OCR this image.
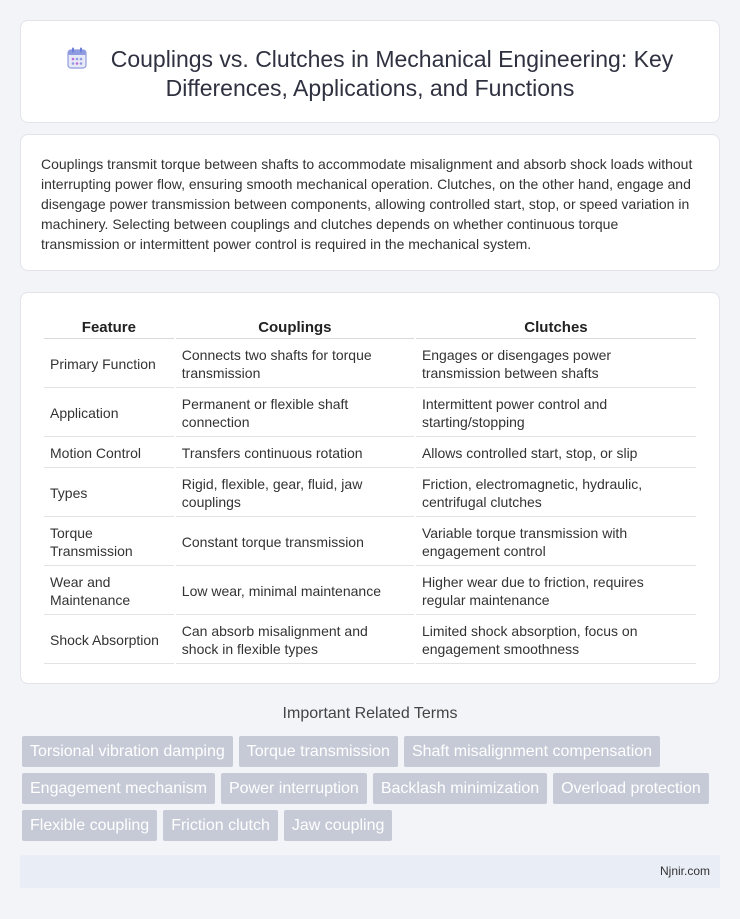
Couplings vs. Clutches in Mechanical Engineering: Key Differences, Applications, and Functions

Couplings transmit torque between shafts to accommodate misalignment and absorb shock loads without interrupting power flow, ensuring smooth mechanical operation. Clutches, on the other hand, engage and disengage power transmission between components, allowing controlled start, stop, or speed variation in machinery. Selecting between couplings and clutches depends on whether continuous torque transmission or intermittent power control is required in the mechanical system.

Feature	Couplings	Clutches
Primary Function	Connects two shafts for torque transmission	Engages or disengages power transmission between shafts
Application	Permanent or flexible shaft connection	Intermittent power control and starting/stopping
Motion Control	Transfers continuous rotation	Allows controlled start, stop, or slip
Types	Rigid, flexible, gear, fluid, jaw couplings	Friction, electromagnetic, hydraulic, centrifugal clutches
Torque Transmission	Constant torque transmission	Variable torque transmission with engagement control
Wear and Maintenance	Low wear, minimal maintenance	Higher wear due to friction, requires regular maintenance
Shock Absorption	Can absorb misalignment and shock in flexible types	Limited shock absorption, focus on engagement smoothness
Important Related Terms
Torsional vibration damping	Torque transmission	Shaft misalignment compensation
Engagement mechanism	Power interruption	Backlash minimization	Overload protection
Flexible coupling	Friction clutch	Jaw coupling
Njnir.com
